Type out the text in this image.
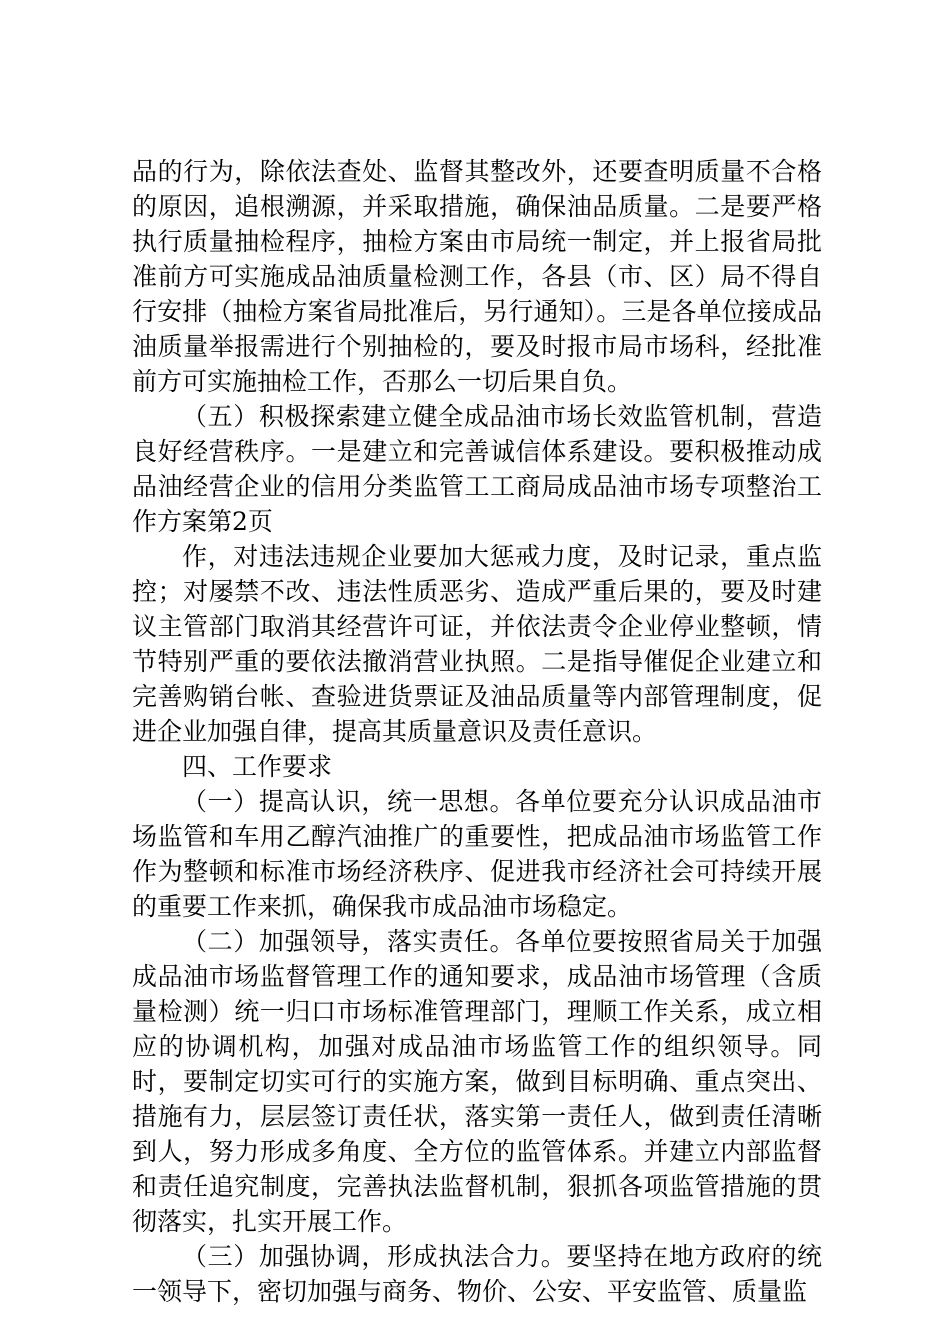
品的行为，除依法查处、监督其整改外，还要查明质量不合格的原因，追根溯源，并采取措施，确保油品质量。二是要严格执行质量抽检程序，抽检方案由市局统一制定，并上报省局批准前方可实施成品油质量检测工作，各县（市、区）局不得自行安排（抽检方案省局批准后，另行通知）。三是各单位接成品油质量举报需进行个别抽检的，要及时报市局市场科，经批准前方可实施抽检工作，否那么一切后果自负。

（五）积极探索建立健全成品油市场长效监管机制，营造良好经营秩序。一是建立和完善诚信体系建设。要积极推动成品油经营企业的信用分类监管工工商局成品油市场专项整治工作方案第2页

作，对违法违规企业要加大惩戒力度，及时记录，重点监控；对屡禁不改、违法性质恶劣、造成严重后果的，要及时建议主管部门取消其经营许可证，并依法责令企业停业整顿，情节特别严重的要依法撤消营业执照。二是指导催促企业建立和完善购销台帐、查验进货票证及油品质量等内部管理制度，促进企业加强自律，提高其质量意识及责任意识。

四、工作要求

（一）提高认识，统一思想。各单位要充分认识成品油市场监管和车用乙醇汽油推广的重要性，把成品油市场监管工作作为整顿和标准市场经济秩序、促进我市经济社会可持续开展的重要工作来抓，确保我市成品油市场稳定。

（二）加强领导，落实责任。各单位要按照省局关于加强成品油市场监督管理工作的通知要求，成品油市场管理（含质量检测）统一归口市场标准管理部门，理顺工作关系，成立相应的协调机构，加强对成品油市场监管工作的组织领导。同时，要制定切实可行的实施方案，做到目标明确、重点突出、措施有力，层层签订责任状，落实第一责任人，做到责任清晰到人，努力形成多角度、全方位的监管体系。并建立内部监督和责任追究制度，完善执法监督机制，狠抓各项监管措施的贯彻落实，扎实开展工作。

（三）加强协调，形成执法合力。要坚持在地方政府的统一领导下，密切加强与商务、物价、公安、平安监管、质量监
